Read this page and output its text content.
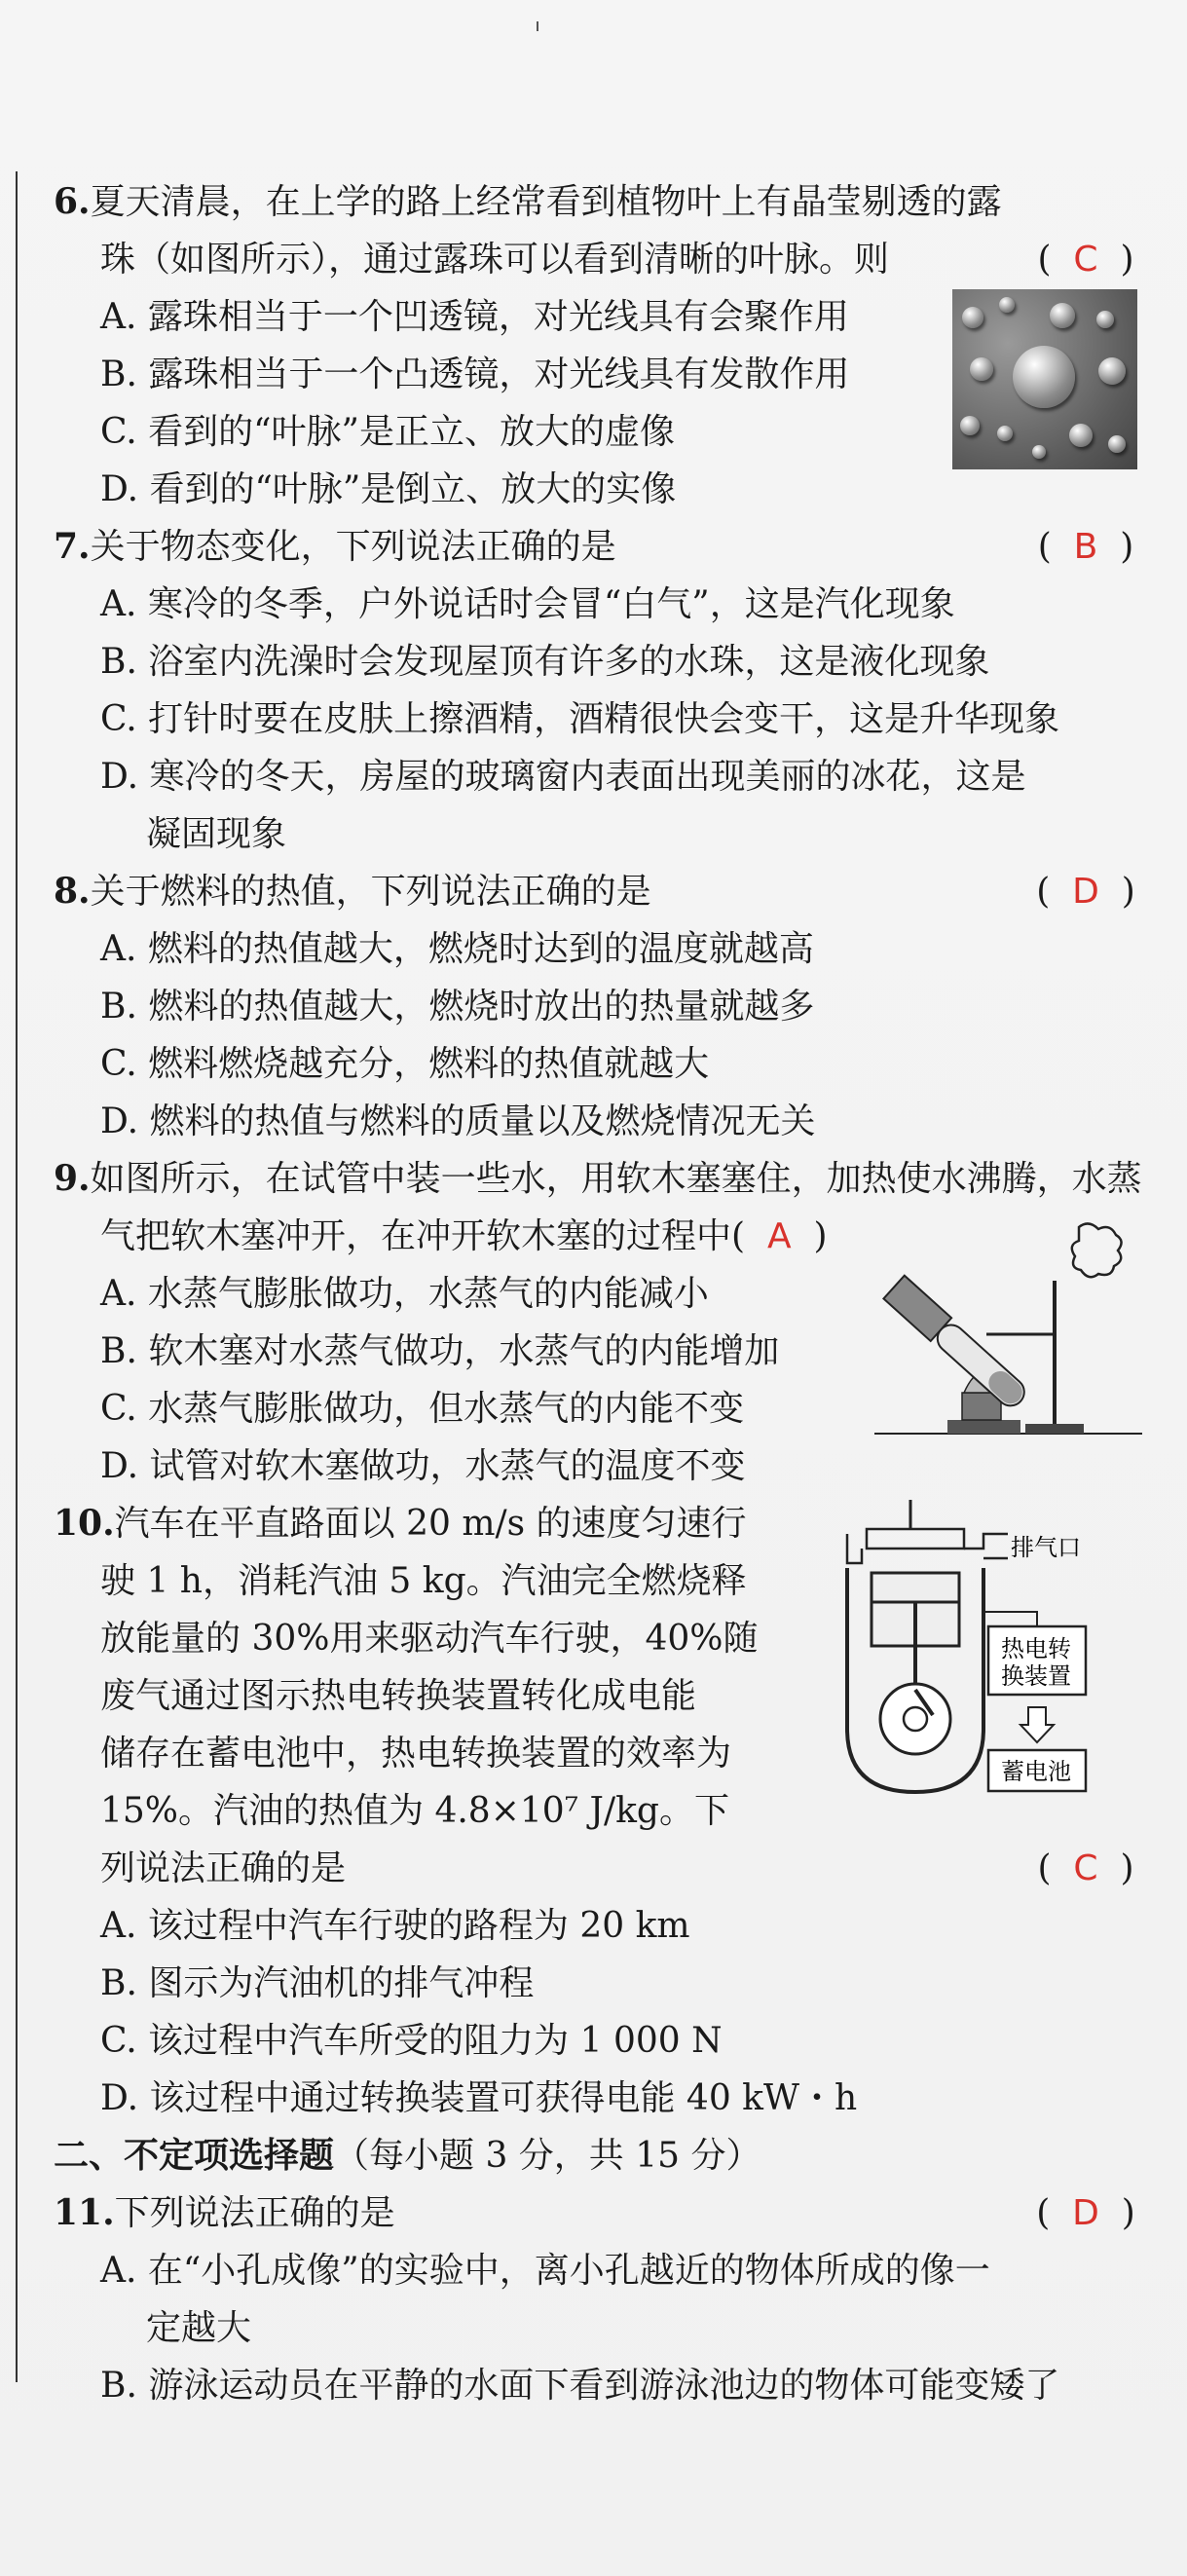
6.夏天清晨，在上学的路上经常看到植物叶上有晶莹剔透的露
珠（如图所示），通过露珠可以看到清晰的叶脉。则	( C )
A. 露珠相当于一个凹透镜，对光线具有会聚作用
B. 露珠相当于一个凸透镜，对光线具有发散作用
C. 看到的“叶脉”是正立、放大的虚像
D. 看到的“叶脉”是倒立、放大的实像
7.关于物态变化，下列说法正确的是	( B )
A. 寒冷的冬季，户外说话时会冒“白气”，这是汽化现象
B. 浴室内洗澡时会发现屋顶有许多的水珠，这是液化现象
C. 打针时要在皮肤上擦酒精，酒精很快会变干，这是升华现象
D. 寒冷的冬天，房屋的玻璃窗内表面出现美丽的冰花，这是
凝固现象
8.关于燃料的热值，下列说法正确的是	( D )
A. 燃料的热值越大，燃烧时达到的温度就越高
B. 燃料的热值越大，燃烧时放出的热量就越多
C. 燃料燃烧越充分，燃料的热值就越大
D. 燃料的热值与燃料的质量以及燃烧情况无关
9.如图所示，在试管中装一些水，用软木塞塞住，加热使水沸腾，水蒸
气把软木塞冲开，在冲开软木塞的过程中( A )
A. 水蒸气膨胀做功，水蒸气的内能减小
B. 软木塞对水蒸气做功，水蒸气的内能增加
C. 水蒸气膨胀做功，但水蒸气的内能不变
D. 试管对软木塞做功，水蒸气的温度不变
10.汽车在平直路面以 20 m/s 的速度匀速行
驶 1 h，消耗汽油 5 kg。汽油完全燃烧释
放能量的 30%用来驱动汽车行驶，40%随
废气通过图示热电转换装置转化成电能
储存在蓄电池中，热电转换装置的效率为
15%。汽油的热值为 4.8×10⁷ J/kg。下
列说法正确的是	( C )
A. 该过程中汽车行驶的路程为 20 km
B. 图示为汽油机的排气冲程
C. 该过程中汽车所受的阻力为 1 000 N
D. 该过程中通过转换装置可获得电能 40 kW・h
二、不定项选择题（每小题 3 分，共 15 分）
11.下列说法正确的是	( D )
A. 在“小孔成像”的实验中，离小孔越近的物体所成的像一
定越大
B. 游泳运动员在平静的水面下看到游泳池边的物体可能变矮了
排气口
热电转
换装置
蓄电池
